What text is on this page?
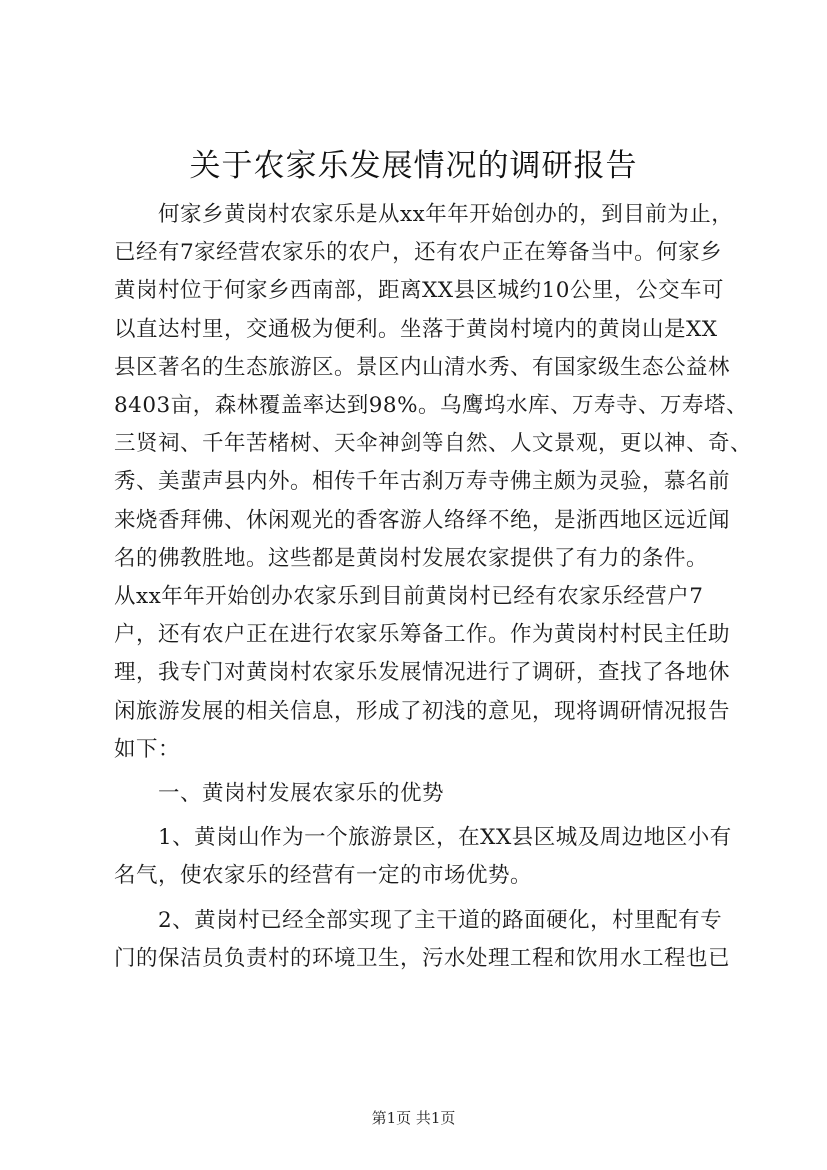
关于农家乐发展情况的调研报告
何家乡黄岗村农家乐是从xx年年开始创办的，到目前为止，
已经有7家经营农家乐的农户，还有农户正在筹备当中。何家乡
黄岗村位于何家乡西南部，距离XX县区城约10公里，公交车可
以直达村里，交通极为便利。坐落于黄岗村境内的黄岗山是XX
县区著名的生态旅游区。景区内山清水秀、有国家级生态公益林
8403亩，森林覆盖率达到98%。乌鹰坞水库、万寿寺、万寿塔、
三贤祠、千年苦楮树、天伞神剑等自然、人文景观，更以神、奇、
秀、美蜚声县内外。相传千年古刹万寿寺佛主颇为灵验，慕名前
来烧香拜佛、休闲观光的香客游人络绎不绝，是浙西地区远近闻
名的佛教胜地。这些都是黄岗村发展农家提供了有力的条件。
从xx年年开始创办农家乐到目前黄岗村已经有农家乐经营户7
户，还有农户正在进行农家乐筹备工作。作为黄岗村村民主任助
理，我专门对黄岗村农家乐发展情况进行了调研，查找了各地休
闲旅游发展的相关信息，形成了初浅的意见，现将调研情况报告
如下：
一、黄岗村发展农家乐的优势
1、黄岗山作为一个旅游景区，在XX县区城及周边地区小有
名气，使农家乐的经营有一定的市场优势。
2、黄岗村已经全部实现了主干道的路面硬化，村里配有专
门的保洁员负责村的环境卫生，污水处理工程和饮用水工程也已
第1页 共1页
